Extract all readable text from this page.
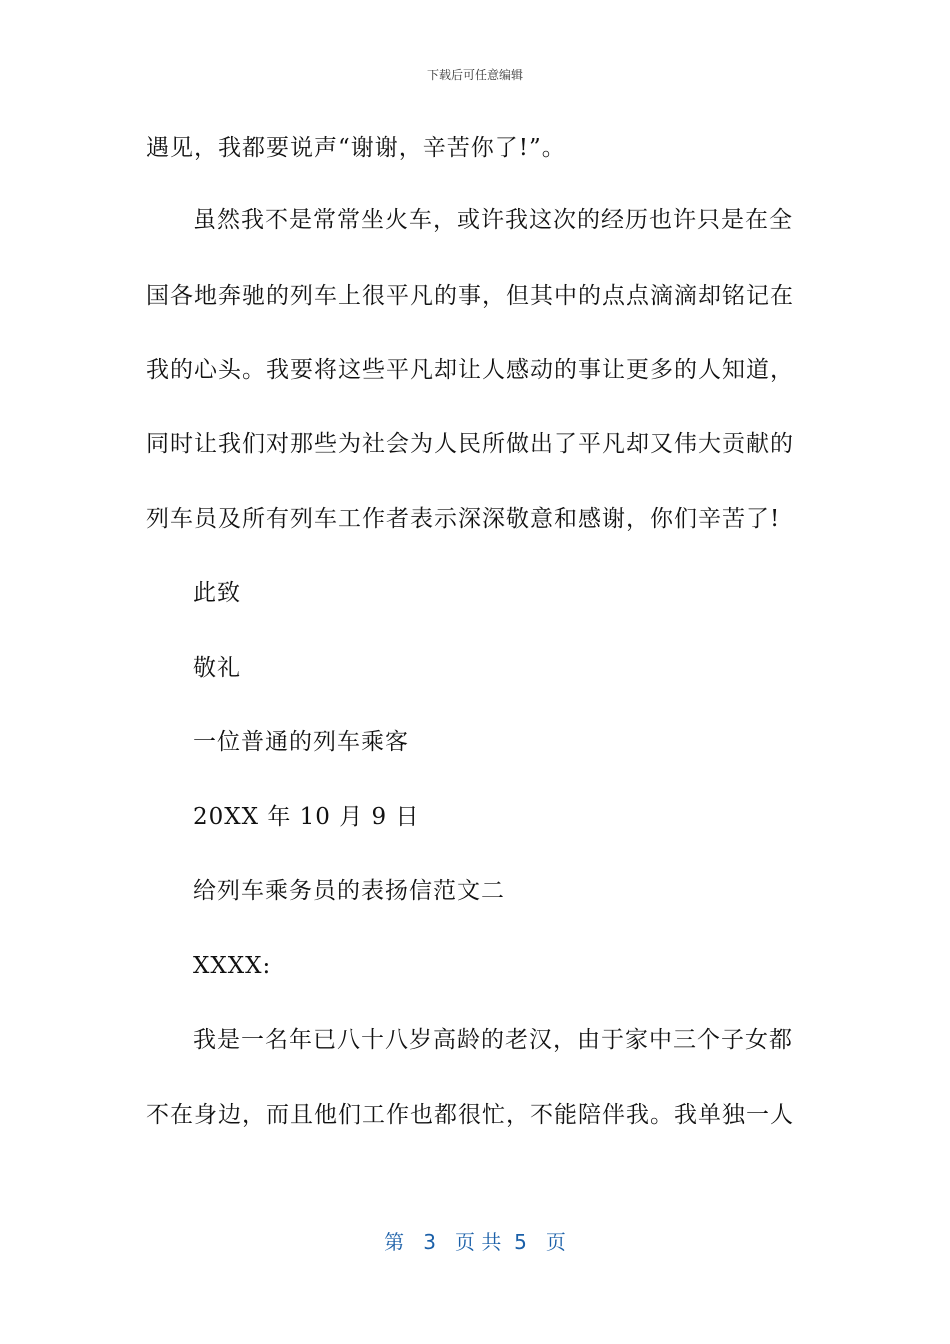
下载后可任意编辑
遇见，我都要说声“谢谢，辛苦你了!”。
虽然我不是常常坐火车，或许我这次的经历也许只是在全
国各地奔驰的列车上很平凡的事，但其中的点点滴滴却铭记在
我的心头。我要将这些平凡却让人感动的事让更多的人知道，
同时让我们对那些为社会为人民所做出了平凡却又伟大贡献的
列车员及所有列车工作者表示深深敬意和感谢，你们辛苦了!
此致
敬礼
一位普通的列车乘客
20XX 年 10 月 9 日
给列车乘务员的表扬信范文二
XXXX:
我是一名年已八十八岁高龄的老汉，由于家中三个子女都
不在身边，而且他们工作也都很忙，不能陪伴我。我单独一人
第 3 页 共 5 页
